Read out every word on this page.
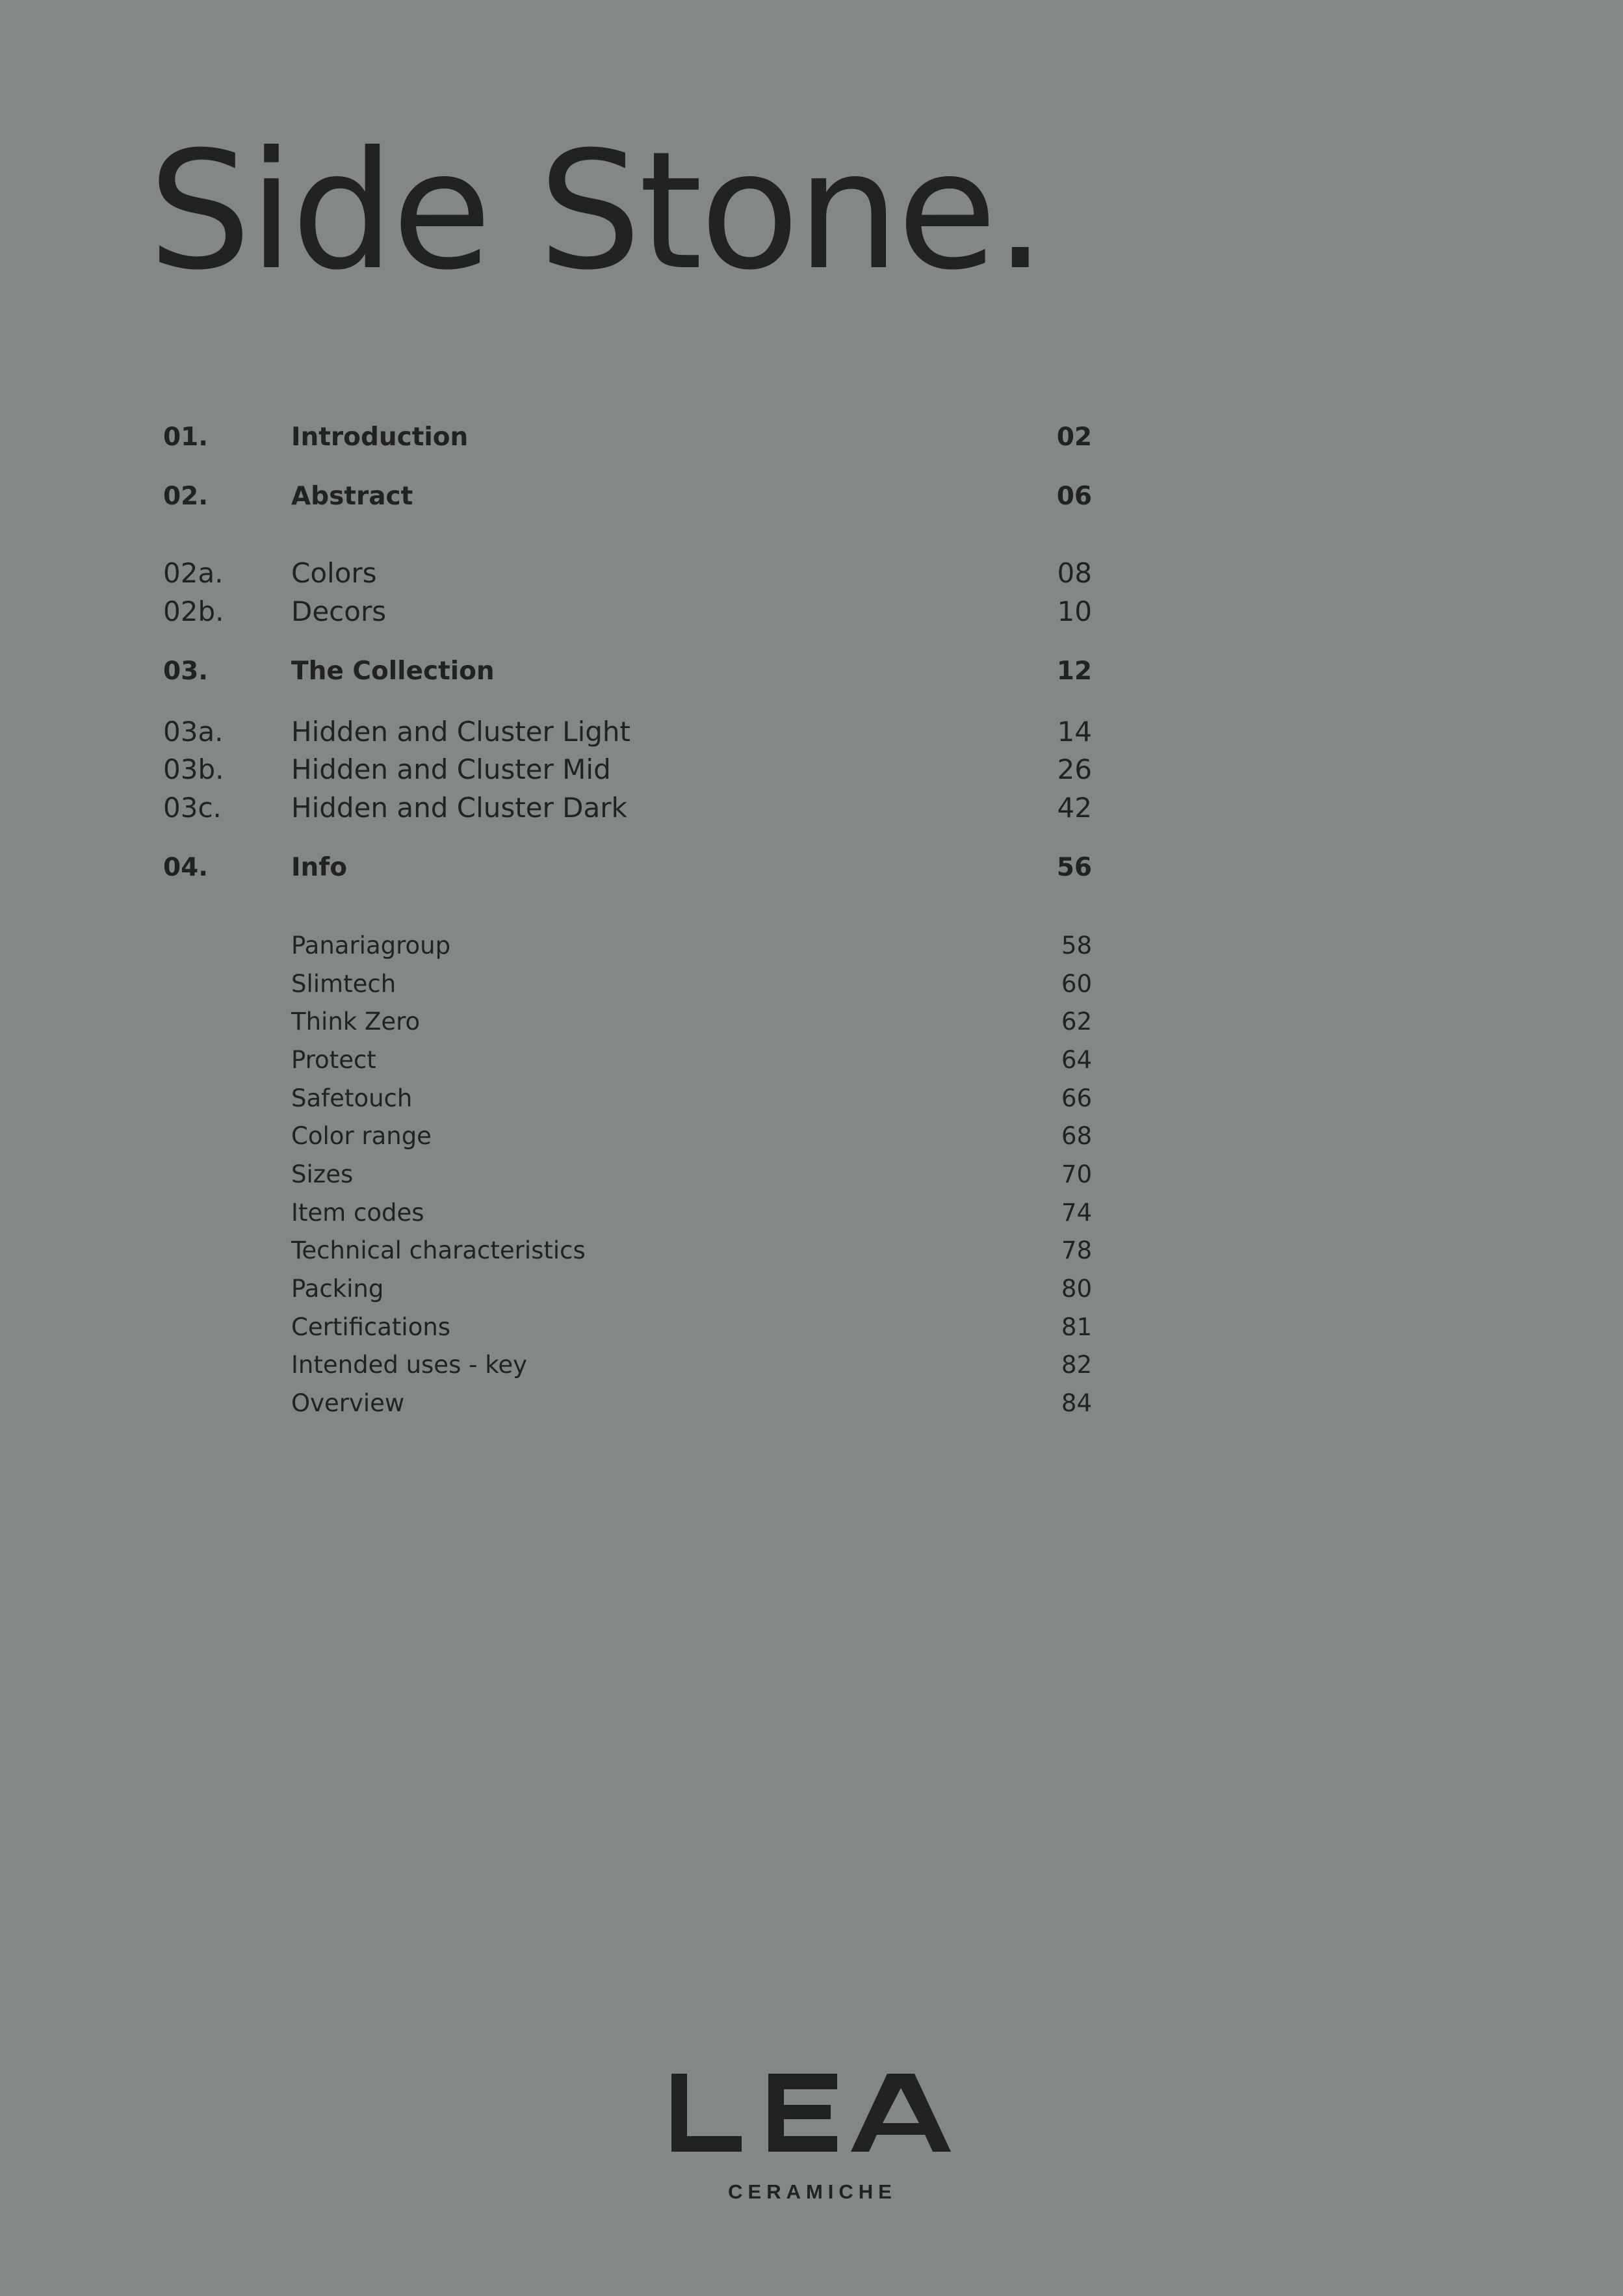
Side Stone.
01.	Introduction	02
02.	Abstract	06
02a. Colors	08
02b. Decors	10
03.	The Collection	12
03a. Hidden and Cluster Light	14
03b. Hidden and Cluster Mid	26
03c.	Hidden and Cluster Dark	42
04.	Info	56
Panariagroup	58
Slimtech	60
Think Zero	62
Protect	64
Safetouch	66
Color range	68
Sizes	70
Item codes	74
Technical characteristics	78
Packing	80
Certifications	81
Intended uses - key	82
Overview	84
CERAMICHE
